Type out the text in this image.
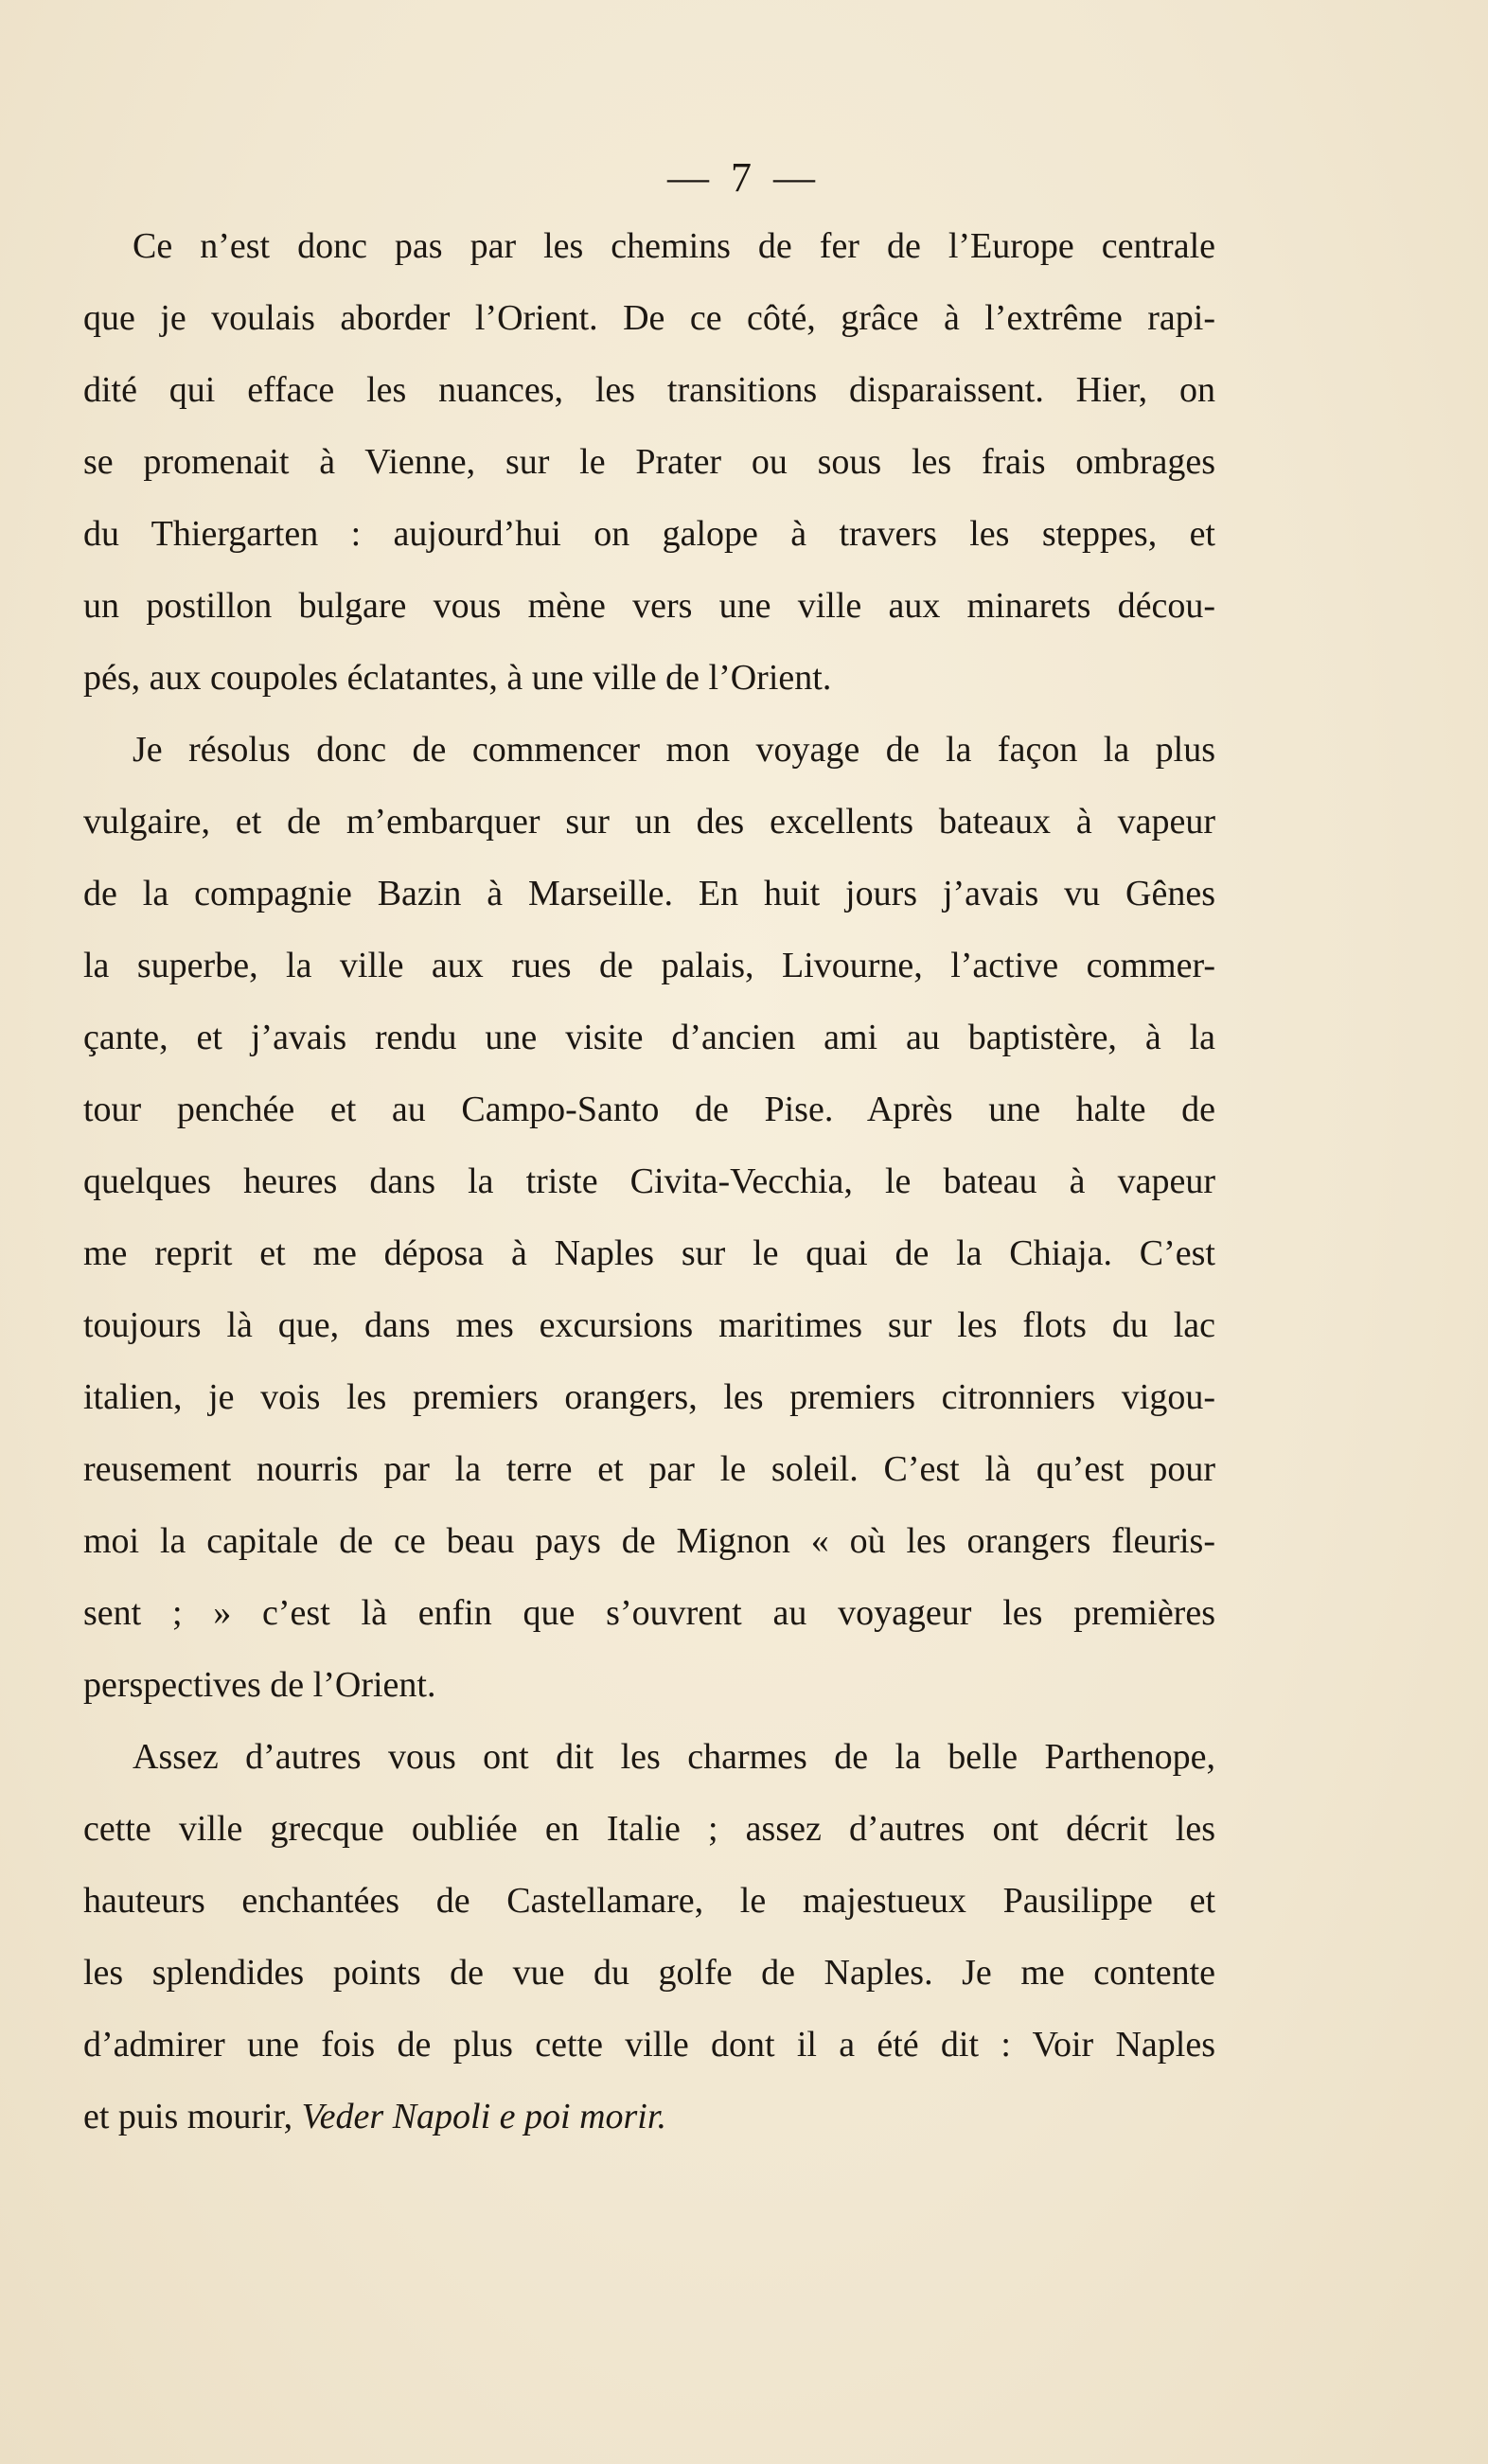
— 7 —
Ce n’est donc pas par les chemins de fer de l’Europe centrale
que je voulais aborder l’Orient. De ce côté, grâce à l’extrême rapi-
dité qui efface les nuances, les transitions disparaissent. Hier, on
se promenait à Vienne, sur le Prater ou sous les frais ombrages
du Thiergarten : aujourd’hui on galope à travers les steppes, et
un postillon bulgare vous mène vers une ville aux minarets décou-
pés, aux coupoles éclatantes, à une ville de l’Orient.
Je résolus donc de commencer mon voyage de la façon la plus
vulgaire, et de m’embarquer sur un des excellents bateaux à vapeur
de la compagnie Bazin à Marseille. En huit jours j’avais vu Gênes
la superbe, la ville aux rues de palais, Livourne, l’active commer-
çante, et j’avais rendu une visite d’ancien ami au baptistère, à la
tour penchée et au Campo-Santo de Pise. Après une halte de
quelques heures dans la triste Civita-Vecchia, le bateau à vapeur
me reprit et me déposa à Naples sur le quai de la Chiaja. C’est
toujours là que, dans mes excursions maritimes sur les flots du lac
italien, je vois les premiers orangers, les premiers citronniers vigou-
reusement nourris par la terre et par le soleil. C’est là qu’est pour
moi la capitale de ce beau pays de Mignon « où les orangers fleuris-
sent ; » c’est là enfin que s’ouvrent au voyageur les premières
perspectives de l’Orient.
Assez d’autres vous ont dit les charmes de la belle Parthenope,
cette ville grecque oubliée en Italie ; assez d’autres ont décrit les
hauteurs enchantées de Castellamare, le majestueux Pausilippe et
les splendides points de vue du golfe de Naples. Je me contente
d’admirer une fois de plus cette ville dont il a été dit : Voir Naples
et puis mourir, Veder Napoli e poi morir.
